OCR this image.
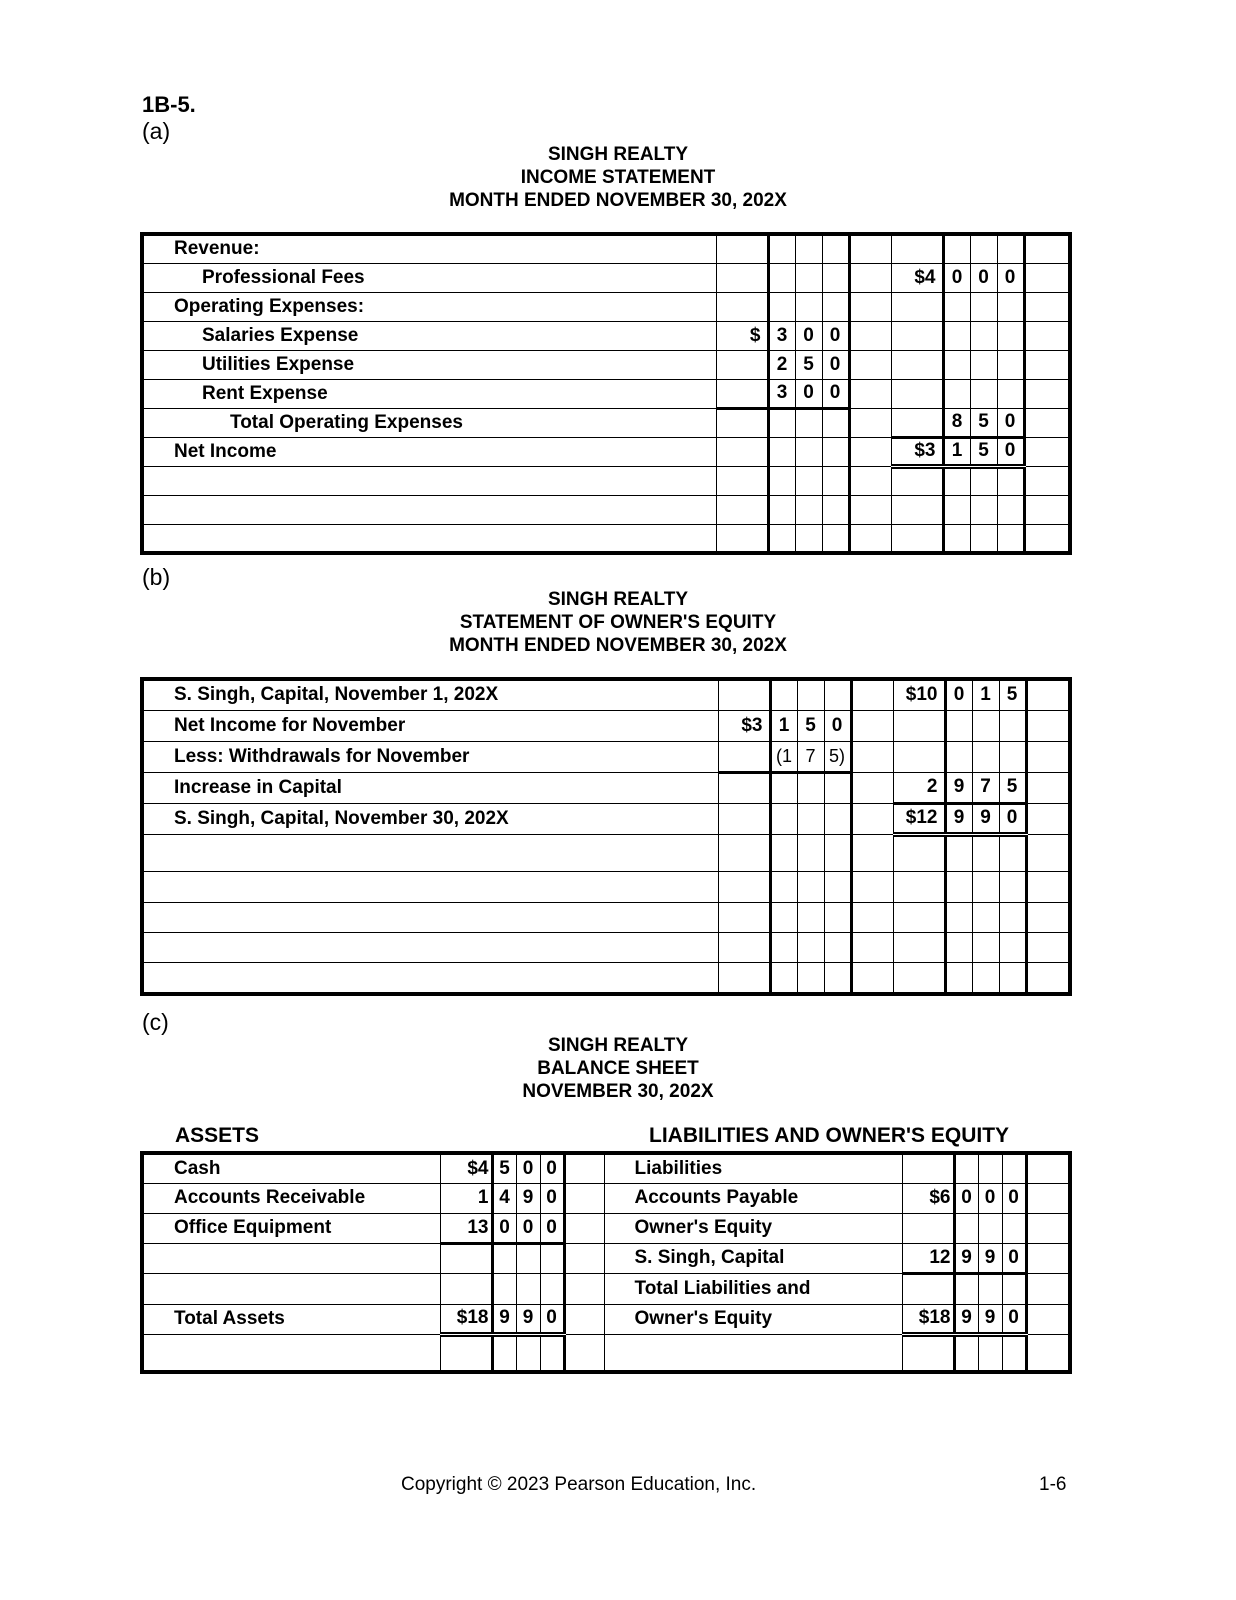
1B-5.
(a)
SINGH REALTY
INCOME STATEMENT
MONTH ENDED NOVEMBER 30, 202X
Revenue:										
Professional Fees						$4	0	0	0	
Operating Expenses:										
Salaries Expense	$	3	0	0						
Utilities Expense		2	5	0						
Rent Expense		3	0	0						
Total Operating Expenses							8	5	0	
Net Income						$3	1	5	0	

(b)
SINGH REALTY
STATEMENT OF OWNER'S EQUITY
MONTH ENDED NOVEMBER 30, 202X
S. Singh, Capital, November 1, 202X						$10	0	1	5	
Net Income for November	$3	1	5	0						
Less: Withdrawals for November		(1	7	5)						
Increase in Capital						2	9	7	5	
S. Singh, Capital, November 30, 202X						$12	9	9	0	

(c)
SINGH REALTY
BALANCE SHEET
NOVEMBER 30, 202X
ASSETS	LIABILITIES AND OWNER'S EQUITY
Cash	$4	5	0	0		Liabilities					
Accounts Receivable	1	4	9	0		Accounts Payable	$6	0	0	0	
Office Equipment	13	0	0	0		Owner's Equity					
						S. Singh, Capital	12	9	9	0	
						Total Liabilities and					
Total Assets	$18	9	9	0		Owner's Equity	$18	9	9	0	

Copyright © 2023 Pearson Education, Inc.	1-6
